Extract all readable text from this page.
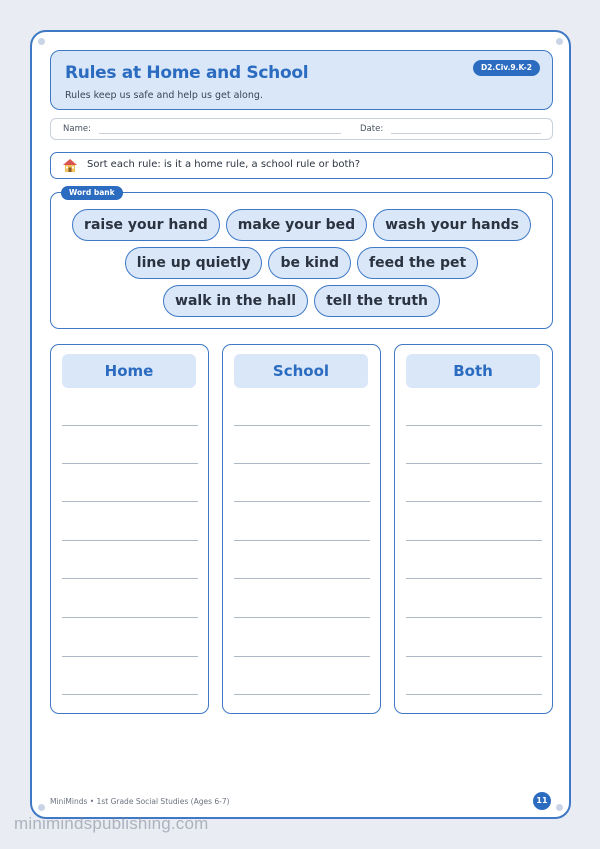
Rules at Home and School
Rules keep us safe and help us get along.
D2.Civ.9.K-2
Name:	Date:
Sort each rule: is it a home rule, a school rule or both?
Word bank
raise your hand	make your bed	wash your hands
line up quietly	be kind	feed the pet
walk in the hall	tell the truth
Home	School	Both
MiniMinds • 1st Grade Social Studies (Ages 6-7)	11
minimindspublishing.com
